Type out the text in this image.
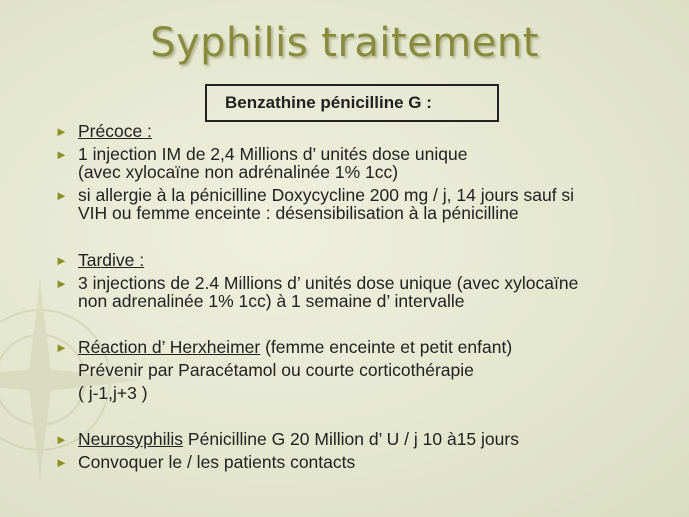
Syphilis traitement
Benzathine pénicilline G :
► Précoce :
► 1 injection IM de 2,4 Millions d’ unités dose unique
(avec xylocaïne non adrénalinée 1% 1cc)
► si allergie à la pénicilline Doxycycline 200 mg / j, 14 jours sauf si
VIH ou femme enceinte : désensibilisation à la pénicilline
► Tardive :
► 3 injections de 2.4 Millions d’ unités dose unique (avec xylocaïne
non adrenalinée 1% 1cc) à 1 semaine d’ intervalle
► Réaction d’ Herxheimer (femme enceinte et petit enfant)
Prévenir par Paracétamol ou courte corticothérapie
( j-1,j+3 )
► Neurosyphilis Pénicilline G 20 Million d’ U / j 10 à15 jours
► Convoquer le / les patients contacts
